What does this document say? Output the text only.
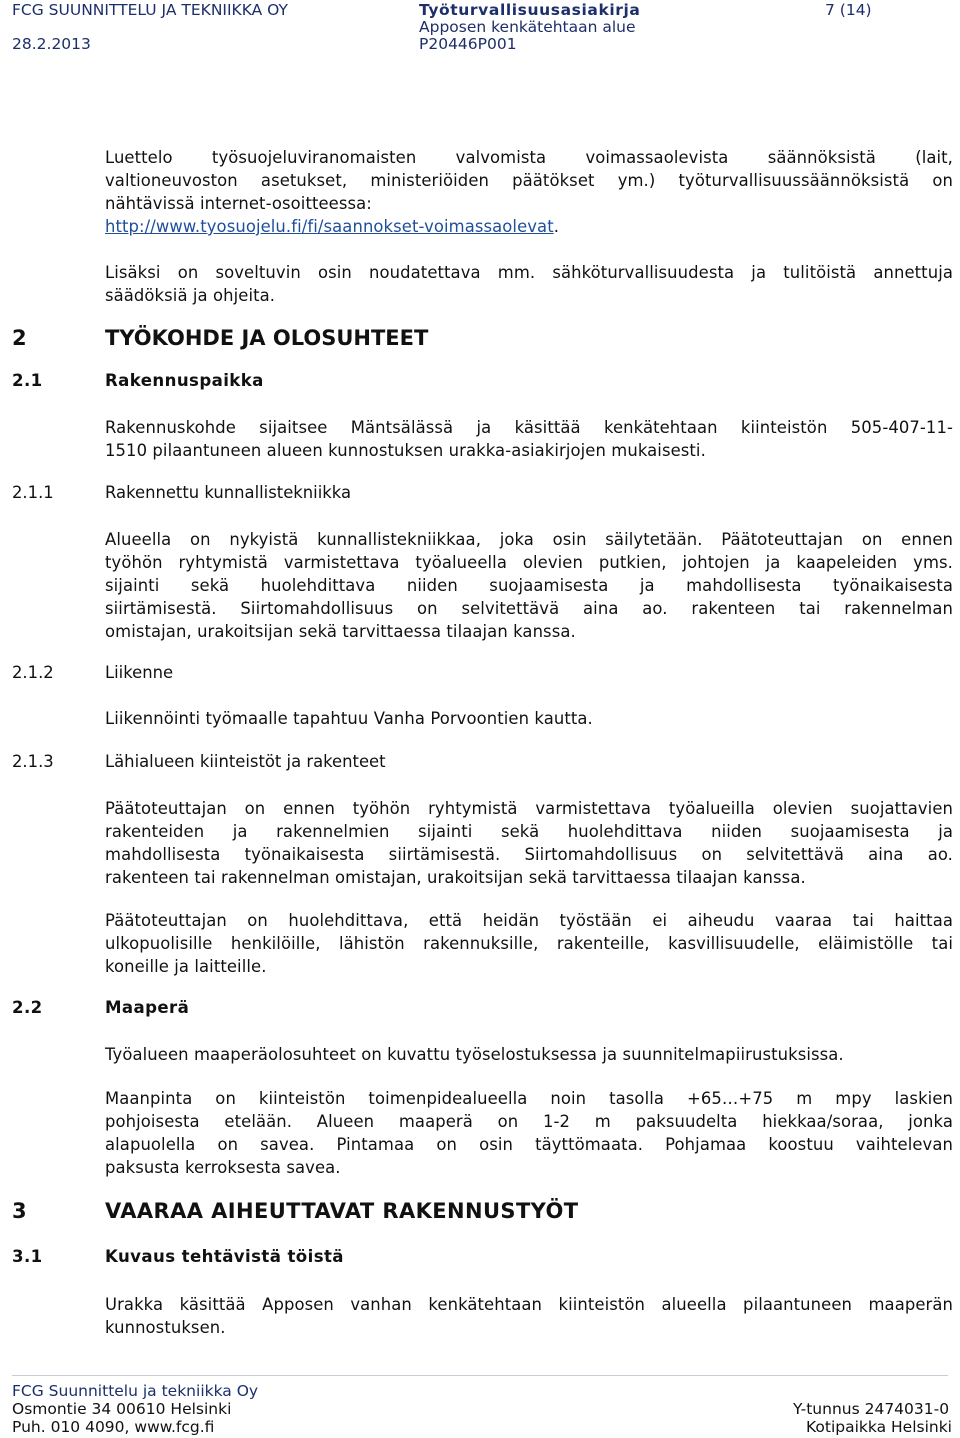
FCG SUUNNITTELU JA TEKNIIKKA OY
28.2.2013
Työturvallisuusasiakirja
Apposen kenkätehtaan alue
P20446P001
7 (14)
Luettelo työsuojeluviranomaisten valvomista voimassaolevista säännöksistä (lait,
valtioneuvoston asetukset, ministeriöiden päätökset ym.) työturvallisuussäännöksistä on
nähtävissä internet-osoitteessa:
http://www.tyosuojelu.fi/fi/saannokset-voimassaolevat.
Lisäksi on soveltuvin osin noudatettava mm. sähköturvallisuudesta ja tulitöistä annettuja
säädöksiä ja ohjeita.
2	TYÖKOHDE JA OLOSUHTEET
2.1	Rakennuspaikka
Rakennuskohde sijaitsee Mäntsälässä ja käsittää kenkätehtaan kiinteistön 505-407-11-
1510 pilaantuneen alueen kunnostuksen urakka-asiakirjojen mukaisesti.
2.1.1	Rakennettu kunnallistekniikka
Alueella on nykyistä kunnallistekniikkaa, joka osin säilytetään. Päätoteuttajan on ennen
työhön ryhtymistä varmistettava työalueella olevien putkien, johtojen ja kaapeleiden yms.
sijainti sekä huolehdittava niiden suojaamisesta ja mahdollisesta työnaikaisesta
siirtämisestä. Siirtomahdollisuus on selvitettävä aina ao. rakenteen tai rakennelman
omistajan, urakoitsijan sekä tarvittaessa tilaajan kanssa.
2.1.2	Liikenne
Liikennöinti työmaalle tapahtuu Vanha Porvoontien kautta.
2.1.3	Lähialueen kiinteistöt ja rakenteet
Päätoteuttajan on ennen työhön ryhtymistä varmistettava työalueilla olevien suojattavien
rakenteiden ja rakennelmien sijainti sekä huolehdittava niiden suojaamisesta ja
mahdollisesta työnaikaisesta siirtämisestä. Siirtomahdollisuus on selvitettävä aina ao.
rakenteen tai rakennelman omistajan, urakoitsijan sekä tarvittaessa tilaajan kanssa.
Päätoteuttajan on huolehdittava, että heidän työstään ei aiheudu vaaraa tai haittaa
ulkopuolisille henkilöille, lähistön rakennuksille, rakenteille, kasvillisuudelle, eläimistölle tai
koneille ja laitteille.
2.2	Maaperä
Työalueen maaperäolosuhteet on kuvattu työselostuksessa ja suunnitelmapiirustuksissa.
Maanpinta on kiinteistön toimenpidealueella noin tasolla +65…+75 m mpy laskien
pohjoisesta etelään. Alueen maaperä on 1-2 m paksuudelta hiekkaa/soraa, jonka
alapuolella on savea. Pintamaa on osin täyttömaata. Pohjamaa koostuu vaihtelevan
paksusta kerroksesta savea.
3	VAARAA AIHEUTTAVAT RAKENNUSTYÖT
3.1	Kuvaus tehtävistä töistä
Urakka käsittää Apposen vanhan kenkätehtaan kiinteistön alueella pilaantuneen maaperän
kunnostuksen.
FCG Suunnittelu ja tekniikka Oy
Osmontie 34 00610 Helsinki
Puh. 010 4090, www.fcg.fi
Y-tunnus 2474031-0
Kotipaikka Helsinki
